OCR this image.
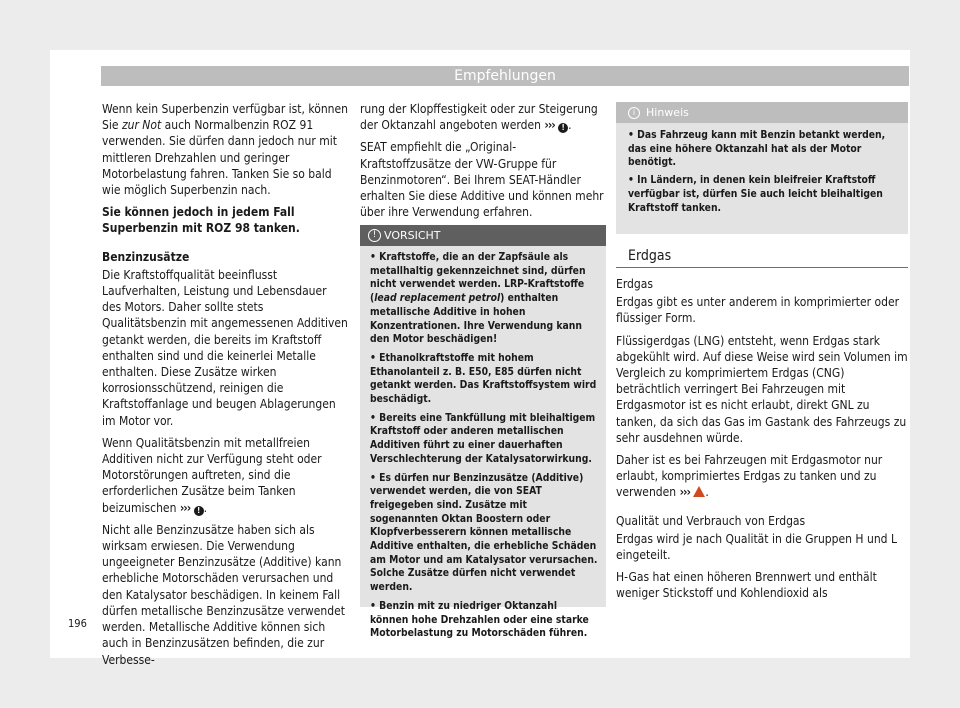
Empfehlungen

Wenn kein Superbenzin verfügbar ist, können Sie zur Not auch Normalbenzin ROZ 91 verwenden. Sie dürfen dann jedoch nur mit mittleren Drehzahlen und geringer Motorbelastung fahren. Tanken Sie so bald wie möglich Superbenzin nach.

Sie können jedoch in jedem Fall Superbenzin mit ROZ 98 tanken.

Benzinzusätze

Die Kraftstoffqualität beeinflusst Laufverhalten, Leistung und Lebensdauer des Motors. Daher sollte stets Qualitätsbenzin mit angemessenen Additiven getankt werden, die bereits im Kraftstoff enthalten sind und die keinerlei Metalle enthalten. Diese Zusätze wirken korrosionsschützend, reinigen die Kraftstoffanlage und beugen Ablagerungen im Motor vor.

Wenn Qualitätsbenzin mit metallfreien Additiven nicht zur Verfügung steht oder Motorstörungen auftreten, sind die erforderlichen Zusätze beim Tanken beizumischen ››› ! .

Nicht alle Benzinzusätze haben sich als wirksam erwiesen. Die Verwendung ungeeigneter Benzinzusätze (Additive) kann erhebliche Motorschäden verursachen und den Katalysator beschädigen. In keinem Fall dürfen metallische Benzinzusätze verwendet werden. Metallische Additive können sich auch in Benzinzusätzen befinden, die zur Verbesse-

rung der Klopffestigkeit oder zur Steigerung der Oktanzahl angeboten werden ››› ! .

SEAT empfiehlt die „Original-Kraftstoffzusätze der VW-Gruppe für Benzinmotoren“. Bei Ihrem SEAT-Händler erhalten Sie diese Additive und können mehr über ihre Verwendung erfahren.

! VORSICHT
• Kraftstoffe, die an der Zapfsäule als metallhaltig gekennzeichnet sind, dürfen nicht verwendet werden. LRP-Kraftstoffe (lead replacement petrol) enthalten metallische Additive in hohen Konzentrationen. Ihre Verwendung kann den Motor beschädigen!
• Ethanolkraftstoffe mit hohem Ethanolanteil z. B. E50, E85 dürfen nicht getankt werden. Das Kraftstoffsystem wird beschädigt.
• Bereits eine Tankfüllung mit bleihaltigem Kraftstoff oder anderen metallischen Additiven führt zu einer dauerhaften Verschlechterung der Katalysatorwirkung.
• Es dürfen nur Benzinzusätze (Additive) verwendet werden, die von SEAT freigegeben sind. Zusätze mit sogenannten Oktan Boostern oder Klopfverbesserern können metallische Additive enthalten, die erhebliche Schäden am Motor und am Katalysator verursachen. Solche Zusätze dürfen nicht verwendet werden.
• Benzin mit zu niedriger Oktanzahl können hohe Drehzahlen oder eine starke Motorbelastung zu Motorschäden führen.
i Hinweis
• Das Fahrzeug kann mit Benzin betankt werden, das eine höhere Oktanzahl hat als der Motor benötigt.
• In Ländern, in denen kein bleifreier Kraftstoff verfügbar ist, dürfen Sie auch leicht bleihaltigen Kraftstoff tanken.
Erdgas

Erdgas

Erdgas gibt es unter anderem in komprimierter oder flüssiger Form.

Flüssigerdgas (LNG) entsteht, wenn Erdgas stark abgekühlt wird. Auf diese Weise wird sein Volumen im Vergleich zu komprimiertem Erdgas (CNG) beträchtlich verringert Bei Fahrzeugen mit Erdgasmotor ist es nicht erlaubt, direkt GNL zu tanken, da sich das Gas im Gastank des Fahrzeugs zu sehr ausdehnen würde.

Daher ist es bei Fahrzeugen mit Erdgasmotor nur erlaubt, komprimiertes Erdgas zu tanken und zu verwenden ››› .

Qualität und Verbrauch von Erdgas

Erdgas wird je nach Qualität in die Gruppen H und L eingeteilt.

H-Gas hat einen höheren Brennwert und enthält weniger Stickstoff und Kohlendioxid als

196
